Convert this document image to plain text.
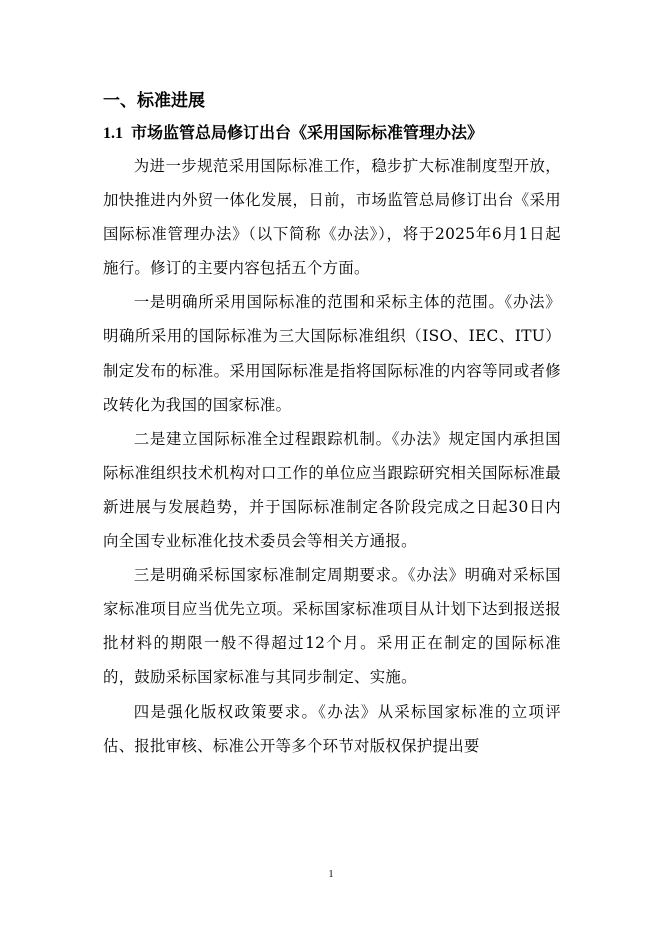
一、标准进展
1.1 市场监管总局修订出台《采用国际标准管理办法》

为进一步规范采用国际标准工作，稳步扩大标准制度型开放，加快推进内外贸一体化发展，日前，市场监管总局修订出台《采用国际标准管理办法》（以下简称《办法》），将于2025年6月1日起施行。修订的主要内容包括五个方面。

一是明确所采用国际标准的范围和采标主体的范围。《办法》明确所采用的国际标准为三大国际标准组织（ISO、IEC、ITU）制定发布的标准。采用国际标准是指将国际标准的内容等同或者修改转化为我国的国家标准。

二是建立国际标准全过程跟踪机制。《办法》规定国内承担国际标准组织技术机构对口工作的单位应当跟踪研究相关国际标准最新进展与发展趋势，并于国际标准制定各阶段完成之日起30日内向全国专业标准化技术委员会等相关方通报。

三是明确采标国家标准制定周期要求。《办法》明确对采标国家标准项目应当优先立项。采标国家标准项目从计划下达到报送报批材料的期限一般不得超过12个月。采用正在制定的国际标准的，鼓励采标国家标准与其同步制定、实施。

四是强化版权政策要求。《办法》从采标国家标准的立项评估、报批审核、标准公开等多个环节对版权保护提出要

1
